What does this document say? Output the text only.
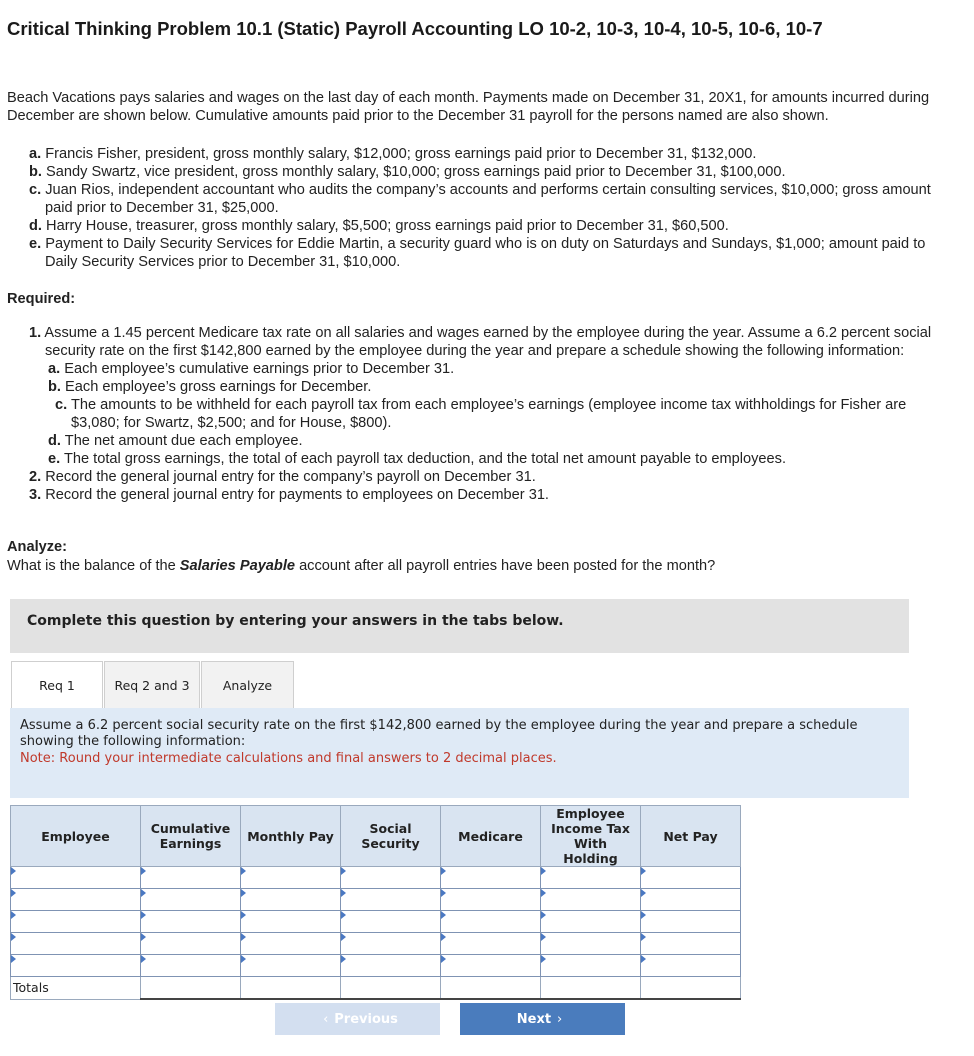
Critical Thinking Problem 10.1 (Static) Payroll Accounting LO 10-2, 10-3, 10-4, 10-5, 10-6, 10-7

Beach Vacations pays salaries and wages on the last day of each month. Payments made on December 31, 20X1, for amounts incurred during December are shown below. Cumulative amounts paid prior to the December 31 payroll for the persons named are also shown.

a. Francis Fisher, president, gross monthly salary, $12,000; gross earnings paid prior to December 31, $132,000.
b. Sandy Swartz, vice president, gross monthly salary, $10,000; gross earnings paid prior to December 31, $100,000.
c. Juan Rios, independent accountant who audits the company’s accounts and performs certain consulting services, $10,000; gross amount paid prior to December 31, $25,000.
d. Harry House, treasurer, gross monthly salary, $5,500; gross earnings paid prior to December 31, $60,500.
e. Payment to Daily Security Services for Eddie Martin, a security guard who is on duty on Saturdays and Sundays, $1,000; amount paid to Daily Security Services prior to December 31, $10,000.

Required:

1. Assume a 1.45 percent Medicare tax rate on all salaries and wages earned by the employee during the year. Assume a 6.2 percent social security rate on the first $142,800 earned by the employee during the year and prepare a schedule showing the following information:
a. Each employee’s cumulative earnings prior to December 31.
b. Each employee’s gross earnings for December.
c. The amounts to be withheld for each payroll tax from each employee’s earnings (employee income tax withholdings for Fisher are $3,080; for Swartz, $2,500; and for House, $800).
d. The net amount due each employee.
e. The total gross earnings, the total of each payroll tax deduction, and the total net amount payable to employees.
2. Record the general journal entry for the company’s payroll on December 31.
3. Record the general journal entry for payments to employees on December 31.

Analyze:

What is the balance of the Salaries Payable account after all payroll entries have been posted for the month?

Complete this question by entering your answers in the tabs below.
Req 1	Req 2 and 3	Analyze

Assume a 6.2 percent social security rate on the first $142,800 earned by the employee during the year and prepare a schedule showing the following information:

Note: Round your intermediate calculations and final answers to 2 decimal places.

Employee	Cumulative Earnings	Monthly Pay	Social Security	Medicare	Employee Income Tax With Holding	Net Pay

Totals						
‹ Previous	Next ›
